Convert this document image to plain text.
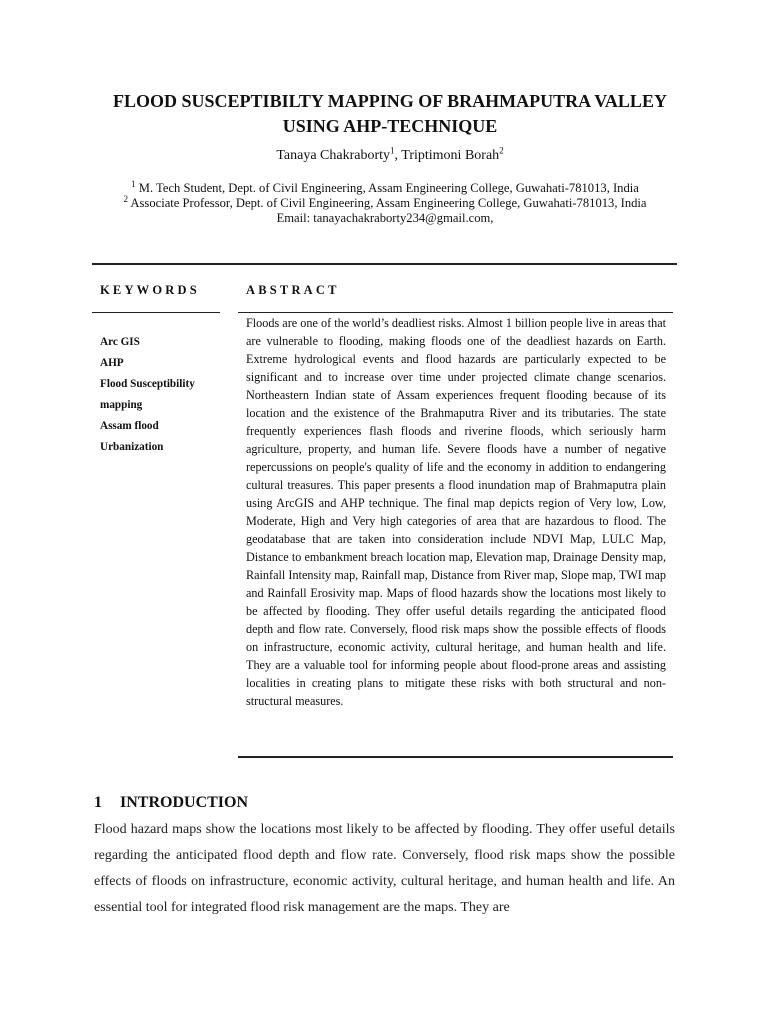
FLOOD SUSCEPTIBILTY MAPPING OF BRAHMAPUTRA VALLEY USING AHP-TECHNIQUE
Tanaya Chakraborty$^1$, Triptimoni Borah$^2$
$^1$ M. Tech Student, Dept. of Civil Engineering, Assam Engineering College, Guwahati-781013, India
$^2$ Associate Professor, Dept. of Civil Engineering, Assam Engineering College, Guwahati-781013, India
Email: tanayachakraborty234@gmail.com,
KEYWORDS	ABSTRACT
Arc GIS
AHP
Flood Susceptibility mapping
Assam flood
Urbanization

Floods are one of the world’s deadliest risks. Almost 1 billion people live in areas that are vulnerable to flooding, making floods one of the deadliest hazards on Earth. Extreme hydrological events and flood hazards are particularly expected to be significant and to increase over time under projected climate change scenarios. Northeastern Indian state of Assam experiences frequent flooding because of its location and the existence of the Brahmaputra River and its tributaries. The state frequently experiences flash floods and riverine floods, which seriously harm agriculture, property, and human life. Severe floods have a number of negative repercussions on people's quality of life and the economy in addition to endangering cultural treasures. This paper presents a flood inundation map of Brahmaputra plain using ArcGIS and AHP technique. The final map depicts region of Very low, Low, Moderate, High and Very high categories of area that are hazardous to flood. The geodatabase that are taken into consideration include NDVI Map, LULC Map, Distance to embankment breach location map, Elevation map, Drainage Density map, Rainfall Intensity map, Rainfall map, Distance from River map, Slope map, TWI map and Rainfall Erosivity map. Maps of flood hazards show the locations most likely to be affected by flooding. They offer useful details regarding the anticipated flood depth and flow rate. Conversely, flood risk maps show the possible effects of floods on infrastructure, economic activity, cultural heritage, and human health and life. They are a valuable tool for informing people about flood-prone areas and assisting localities in creating plans to mitigate these risks with both structural and non-structural measures.

1 INTRODUCTION

Flood hazard maps show the locations most likely to be affected by flooding. They offer useful details regarding the anticipated flood depth and flow rate. Conversely, flood risk maps show the possible effects of floods on infrastructure, economic activity, cultural heritage, and human health and life. An essential tool for integrated flood risk management are the maps. They are
